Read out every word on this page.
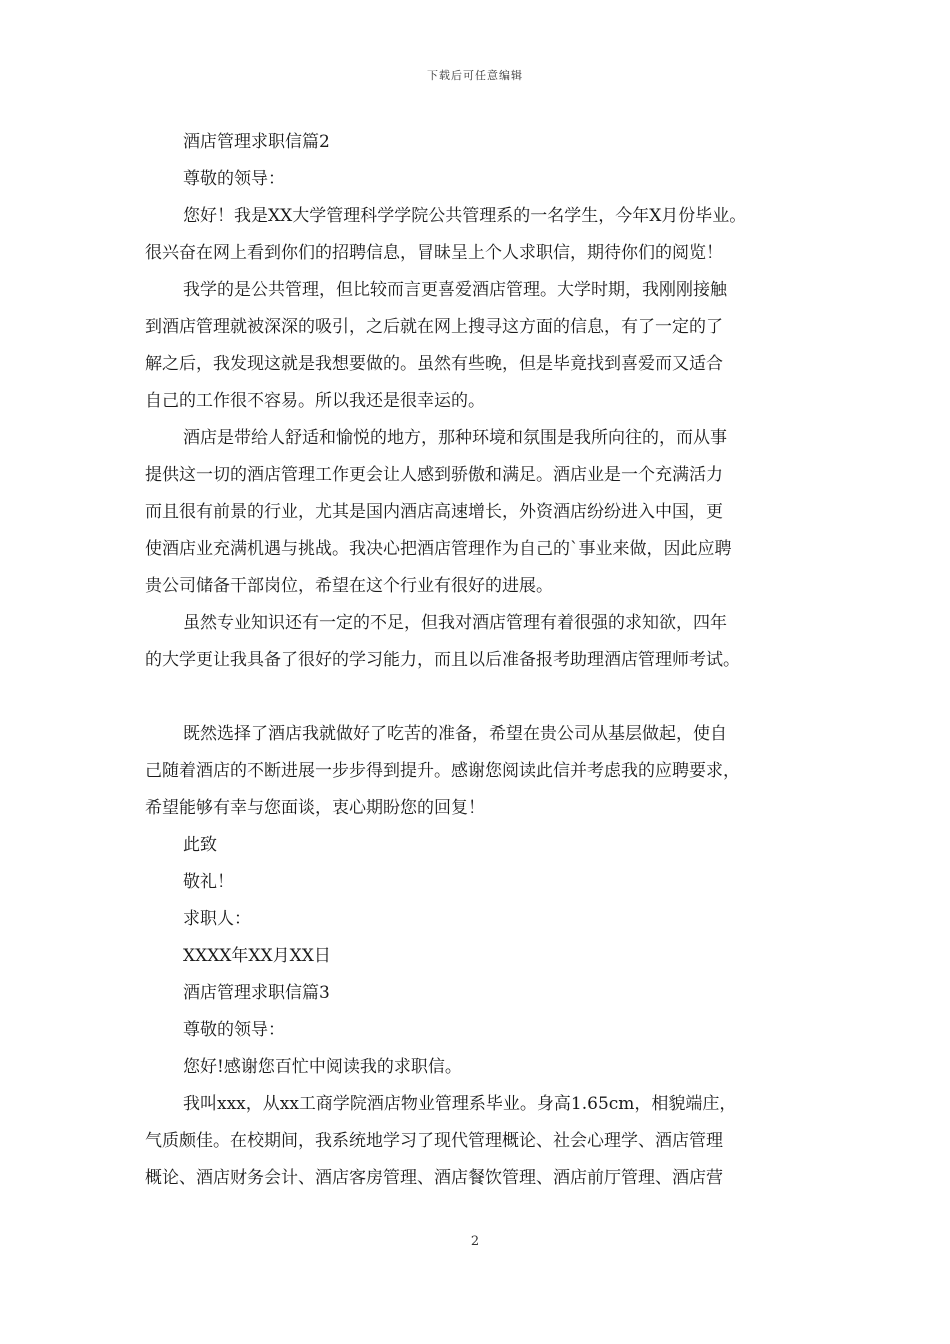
下载后可任意编辑

酒店管理求职信篇2

尊敬的领导：

您好！我是XX大学管理科学学院公共管理系的一名学生，今年X月份毕业。

很兴奋在网上看到你们的招聘信息，冒昧呈上个人求职信，期待你们的阅览！

我学的是公共管理，但比较而言更喜爱酒店管理。大学时期，我刚刚接触

到酒店管理就被深深的吸引，之后就在网上搜寻这方面的信息，有了一定的了

解之后，我发现这就是我想要做的。虽然有些晚，但是毕竟找到喜爱而又适合

自己的工作很不容易。所以我还是很幸运的。

酒店是带给人舒适和愉悦的地方，那种环境和氛围是我所向往的，而从事

提供这一切的酒店管理工作更会让人感到骄傲和满足。酒店业是一个充满活力

而且很有前景的行业，尤其是国内酒店高速增长，外资酒店纷纷进入中国，更

使酒店业充满机遇与挑战。我决心把酒店管理作为自己的`事业来做，因此应聘

贵公司储备干部岗位，希望在这个行业有很好的进展。

虽然专业知识还有一定的不足，但我对酒店管理有着很强的求知欲，四年

的大学更让我具备了很好的学习能力，而且以后准备报考助理酒店管理师考试。

既然选择了酒店我就做好了吃苦的准备，希望在贵公司从基层做起，使自

己随着酒店的不断进展一步步得到提升。感谢您阅读此信并考虑我的应聘要求，

希望能够有幸与您面谈，衷心期盼您的回复！

此致

敬礼！

求职人：

XXXX年XX月XX日

酒店管理求职信篇3

尊敬的领导：

您好!感谢您百忙中阅读我的求职信。

我叫xxx，从xx工商学院酒店物业管理系毕业。身高1.65cm，相貌端庄，

气质颇佳。在校期间，我系统地学习了现代管理概论、社会心理学、酒店管理

概论、酒店财务会计、酒店客房管理、酒店餐饮管理、酒店前厅管理、酒店营

2
